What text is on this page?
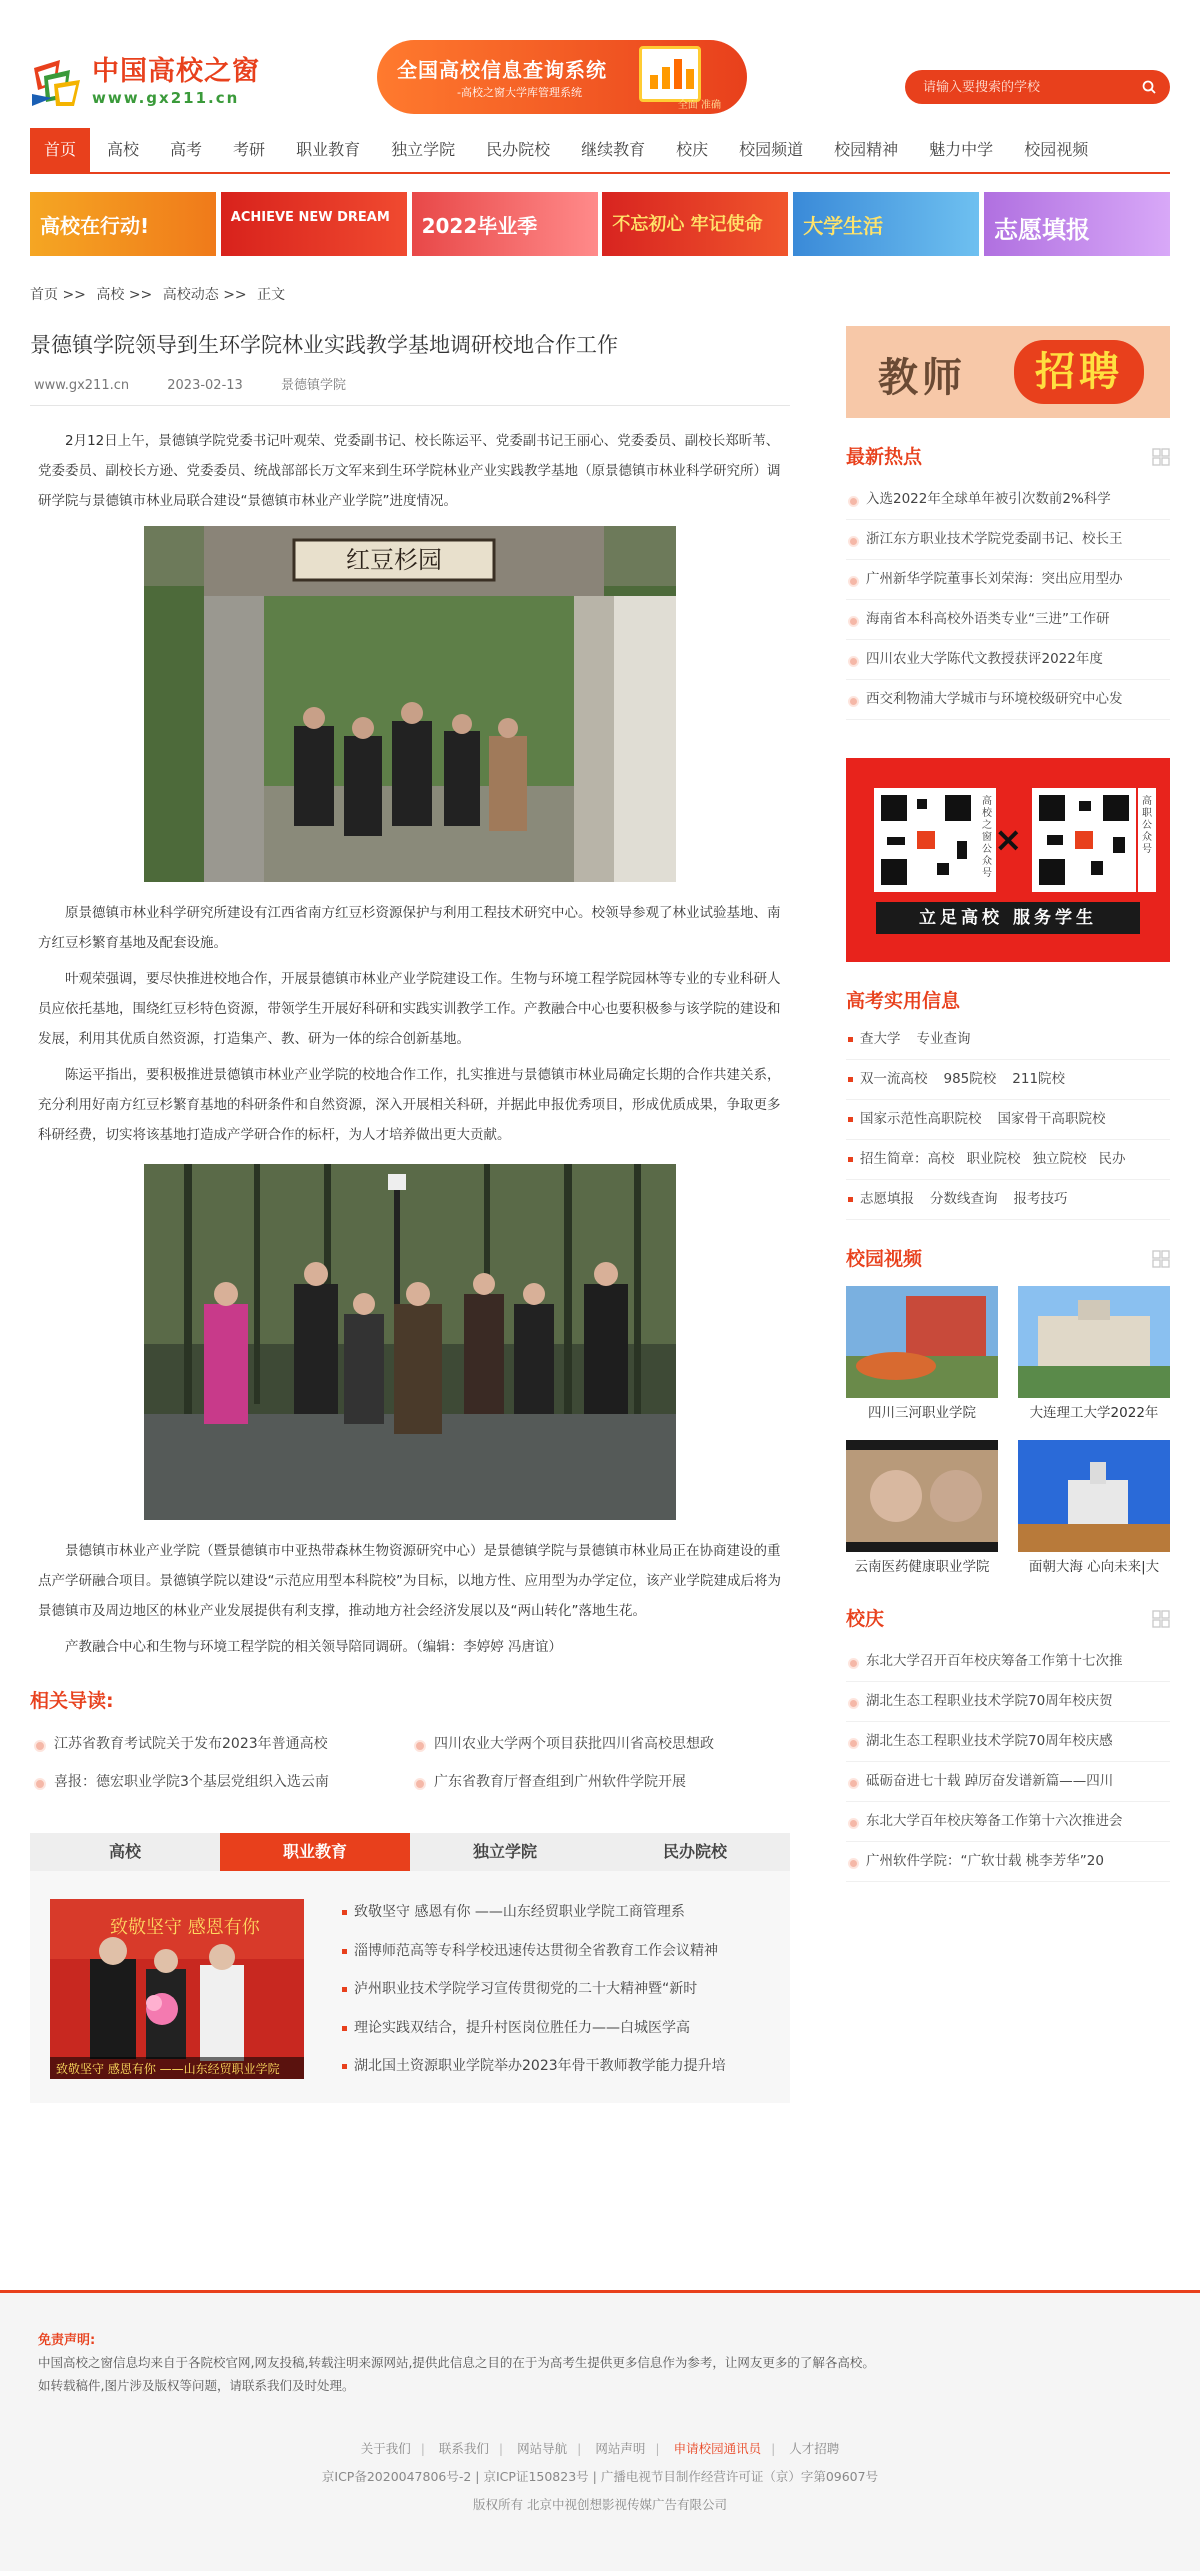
中国高校之窗
www.gx211.cn
全国高校信息查询系统
-高校之窗大学库管理系统
全面 准确
请输入要搜索的学校
首页	高校	高考	考研	职业教育	独立学院	民办院校	继续教育	校庆	校园频道	校园精神	魅力中学	校园视频
高校在行动!	ACHIEVE NEW DREAM 2022毕业季	不忘初心 牢记使命 大学生活	志愿填报
首页 >> 高校 >> 高校动态 >> 正文
景德镇学院领导到生环学院林业实践教学基地调研校地合作工作
www.gx211.cn	2023-02-13	景德镇学院

2月12日上午，景德镇学院党委书记叶观荣、党委副书记、校长陈运平、党委副书记王丽心、党委委员、副校长郑昕苇、党委委员、副校长方逊、党委委员、统战部部长万文军来到生环学院林业产业实践教学基地（原景德镇市林业科学研究所）调研学院与景德镇市林业局联合建设“景德镇市林业产业学院”进度情况。

红豆杉园

原景德镇市林业科学研究所建设有江西省南方红豆杉资源保护与利用工程技术研究中心。校领导参观了林业试验基地、南方红豆杉繁育基地及配套设施。

叶观荣强调，要尽快推进校地合作，开展景德镇市林业产业学院建设工作。生物与环境工程学院园林等专业的专业科研人员应依托基地，围绕红豆杉特色资源，带领学生开展好科研和实践实训教学工作。产教融合中心也要积极参与该学院的建设和发展，利用其优质自然资源，打造集产、教、研为一体的综合创新基地。

陈运平指出，要积极推进景德镇市林业产业学院的校地合作工作，扎实推进与景德镇市林业局确定长期的合作共建关系，充分利用好南方红豆杉繁育基地的科研条件和自然资源，深入开展相关科研，并据此申报优秀项目，形成优质成果，争取更多科研经费，切实将该基地打造成产学研合作的标杆，为人才培养做出更大贡献。

景德镇市林业产业学院（暨景德镇市中亚热带森林生物资源研究中心）是景德镇学院与景德镇市林业局正在协商建设的重点产学研融合项目。景德镇学院以建设“示范应用型本科院校”为目标，以地方性、应用型为办学定位，该产业学院建成后将为景德镇市及周边地区的林业产业发展提供有利支撑，推动地方社会经济发展以及“两山转化”落地生花。

产教融合中心和生物与环境工程学院的相关领导陪同调研。（编辑：李婷婷 冯唐谊）

相关导读:
江苏省教育考试院关于发布2023年普通高校	四川农业大学两个项目获批四川省高校思想政
喜报：德宏职业学院3个基层党组织入选云南	广东省教育厅督查组到广州软件学院开展
高校	职业教育	独立学院	民办院校
致敬坚守 感恩有你
致敬坚守 感恩有你 ——山东经贸职业学院
致敬坚守 感恩有你 ——山东经贸职业学院工商管理系
淄博师范高等专科学校迅速传达贯彻全省教育工作会议精神
泸州职业技术学院学习宣传贯彻党的二十大精神暨“新时
理论实践双结合，提升村医岗位胜任力——白城医学高
湖北国土资源职业学院举办2023年骨干教师教学能力提升培
教师	招聘
最新热点
入选2022年全球单年被引次数前2%科学
浙江东方职业技术学院党委副书记、校长王
广州新华学院董事长刘荣海：突出应用型办
海南省本科高校外语类专业“三进”工作研
四川农业大学陈代文教授获评2022年度
西交利物浦大学城市与环境校级研究中心发
高校之窗公众号
×
高职公众号
立足高校 服务学生
高考实用信息
查大学 专业查询
双一流高校 985院校 211院校
国家示范性高职院校 国家骨干高职院校
招生简章：高校 职业院校 独立院校 民办
志愿填报 分数线查询 报考技巧
校园视频
四川三河职业学院	大连理工大学2022年
云南医药健康职业学院	面朝大海 心向未来|大
校庆
东北大学召开百年校庆筹备工作第十七次推
湖北生态工程职业技术学院70周年校庆贺
湖北生态工程职业技术学院70周年校庆感
砥砺奋进七十载 踔厉奋发谱新篇——四川
东北大学百年校庆筹备工作第十六次推进会
广州软件学院：“广软廿载 桃李芳华”20
免责声明:
中国高校之窗信息均来自于各院校官网,网友投稿,转载注明来源网站,提供此信息之目的在于为高考生提供更多信息作为参考，让网友更多的了解各高校。
如转载稿件,图片涉及版权等问题，请联系我们及时处理。
关于我们 | 联系我们 | 网站导航 | 网站声明 | 申请校园通讯员 | 人才招聘
京ICP备2020047806号-2 | 京ICP证150823号 | 广播电视节目制作经营许可证（京）字第09607号
版权所有 北京中视创想影视传媒广告有限公司
